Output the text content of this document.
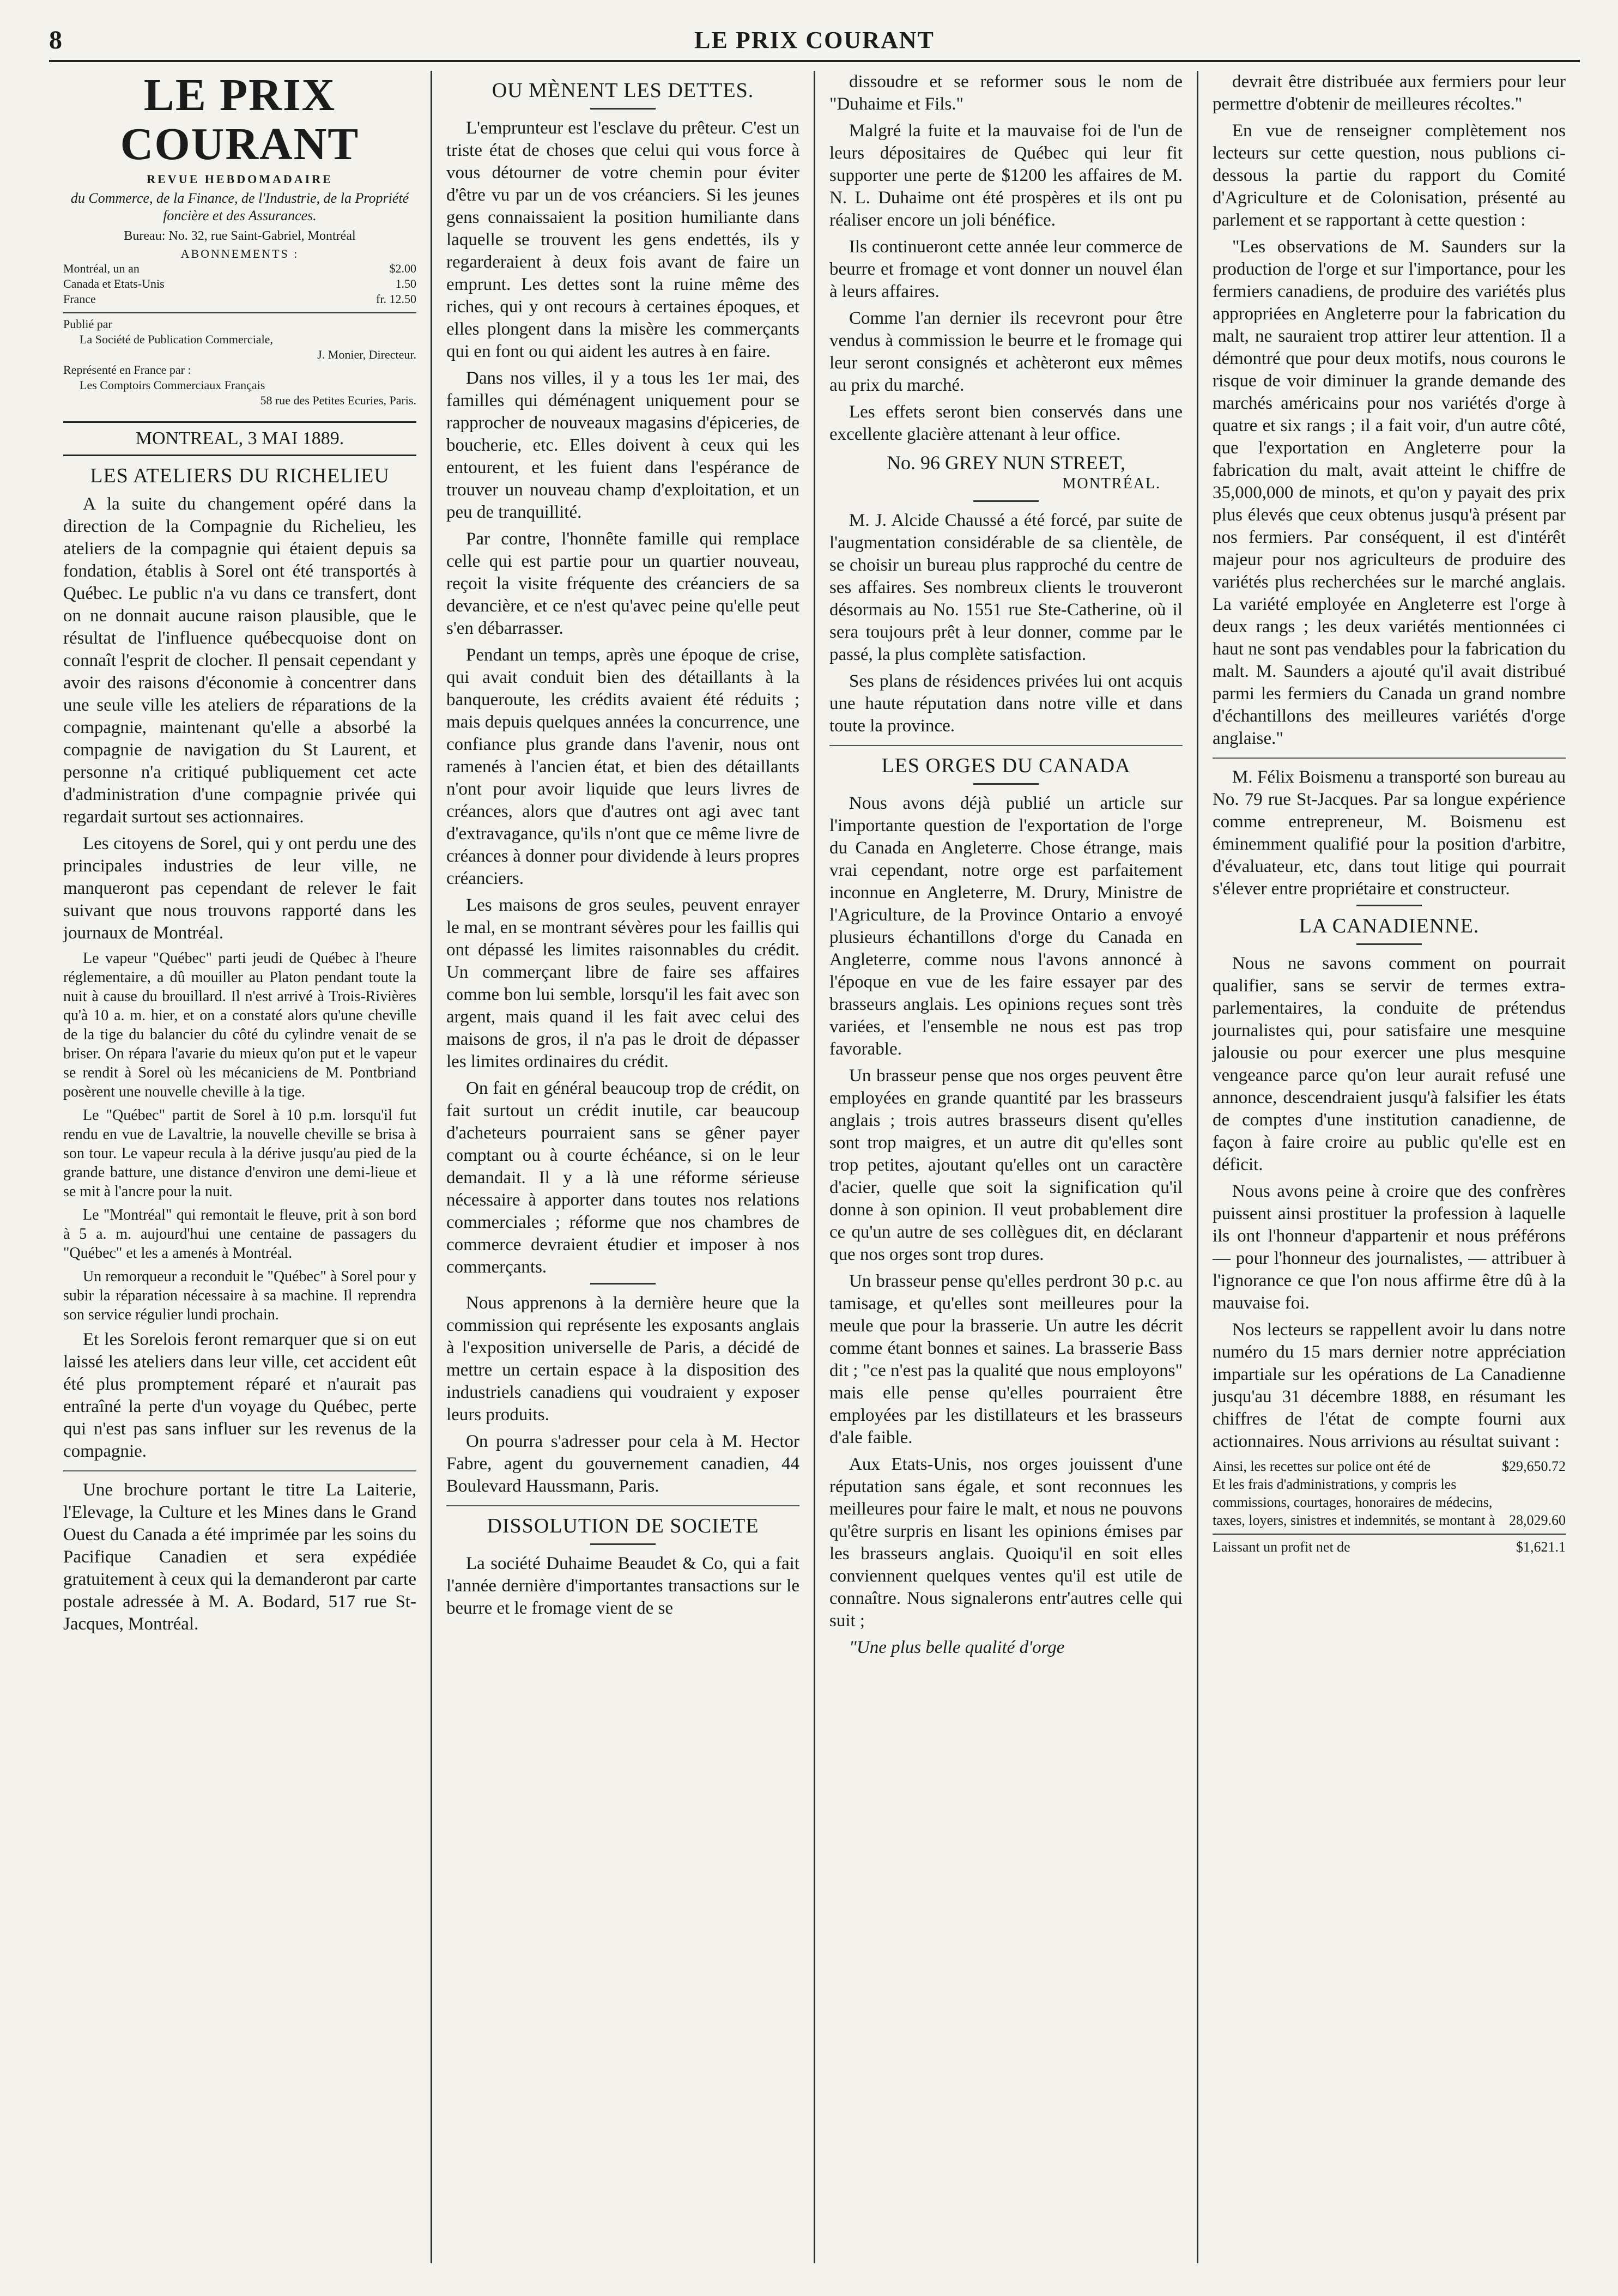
8	LE PRIX COURANT
LE PRIX COURANT
REVUE HEBDOMADAIRE
du Commerce, de la Finance, de l'Industrie, de la Propriété foncière et des Assurances.
Bureau: No. 32, rue Saint-Gabriel, Montréal
ABONNEMENTS :
Montréal, un an	$2.00
Canada et Etats-Unis	1.50
France	fr. 12.50
Publié par
La Société de Publication Commerciale,
J. Monier, Directeur.
Représenté en France par :
Les Comptoirs Commerciaux Français
58 rue des Petites Ecuries, Paris.
MONTREAL, 3 MAI 1889.
LES ATELIERS DU RICHELIEU

A la suite du changement opéré dans la direction de la Compagnie du Richelieu, les ateliers de la compagnie qui étaient depuis sa fondation, établis à Sorel ont été transportés à Québec. Le public n'a vu dans ce transfert, dont on ne donnait aucune raison plausible, que le résultat de l'influence québecquoise dont on connaît l'esprit de clocher. Il pensait cependant y avoir des raisons d'économie à concentrer dans une seule ville les ateliers de réparations de la compagnie, maintenant qu'elle a absorbé la compagnie de navigation du St Laurent, et personne n'a critiqué publiquement cet acte d'administration d'une compagnie privée qui regardait surtout ses actionnaires.

Les citoyens de Sorel, qui y ont perdu une des principales industries de leur ville, ne manqueront pas cependant de relever le fait suivant que nous trouvons rapporté dans les journaux de Montréal.

Le vapeur "Québec" parti jeudi de Québec à l'heure réglementaire, a dû mouiller au Platon pendant toute la nuit à cause du brouillard. Il n'est arrivé à Trois-Rivières qu'à 10 a. m. hier, et on a constaté alors qu'une cheville de la tige du balancier du côté du cylindre venait de se briser. On répara l'avarie du mieux qu'on put et le vapeur se rendit à Sorel où les mécaniciens de M. Pontbriand posèrent une nouvelle cheville à la tige.

Le "Québec" partit de Sorel à 10 p.m. lorsqu'il fut rendu en vue de Lavaltrie, la nouvelle cheville se brisa à son tour. Le vapeur recula à la dérive jusqu'au pied de la grande batture, une distance d'environ une demi-lieue et se mit à l'ancre pour la nuit.

Le "Montréal" qui remontait le fleuve, prit à son bord à 5 a. m. aujourd'hui une centaine de passagers du "Québec" et les a amenés à Montréal.

Un remorqueur a reconduit le "Québec" à Sorel pour y subir la réparation nécessaire à sa machine. Il reprendra son service régulier lundi prochain.

Et les Sorelois feront remarquer que si on eut laissé les ateliers dans leur ville, cet accident eût été plus promptement réparé et n'aurait pas entraîné la perte d'un voyage du Québec, perte qui n'est pas sans influer sur les revenus de la compagnie.

Une brochure portant le titre La Laiterie, l'Elevage, la Culture et les Mines dans le Grand Ouest du Canada a été imprimée par les soins du Pacifique Canadien et sera expédiée gratuitement à ceux qui la demanderont par carte postale adressée à M. A. Bodard, 517 rue St-Jacques, Montréal.

OU MÈNENT LES DETTES.

L'emprunteur est l'esclave du prêteur. C'est un triste état de choses que celui qui vous force à vous détourner de votre chemin pour éviter d'être vu par un de vos créanciers. Si les jeunes gens connaissaient la position humiliante dans laquelle se trouvent les gens endettés, ils y regarderaient à deux fois avant de faire un emprunt. Les dettes sont la ruine même des riches, qui y ont recours à certaines époques, et elles plongent dans la misère les commerçants qui en font ou qui aident les autres à en faire.

Dans nos villes, il y a tous les 1er mai, des familles qui déménagent uniquement pour se rapprocher de nouveaux magasins d'épiceries, de boucherie, etc. Elles doivent à ceux qui les entourent, et les fuient dans l'espérance de trouver un nouveau champ d'exploitation, et un peu de tranquillité.

Par contre, l'honnête famille qui remplace celle qui est partie pour un quartier nouveau, reçoit la visite fréquente des créanciers de sa devancière, et ce n'est qu'avec peine qu'elle peut s'en débarrasser.

Pendant un temps, après une époque de crise, qui avait conduit bien des détaillants à la banqueroute, les crédits avaient été réduits ; mais depuis quelques années la concurrence, une confiance plus grande dans l'avenir, nous ont ramenés à l'ancien état, et bien des détaillants n'ont pour avoir liquide que leurs livres de créances, alors que d'autres ont agi avec tant d'extravagance, qu'ils n'ont que ce même livre de créances à donner pour dividende à leurs propres créanciers.

Les maisons de gros seules, peuvent enrayer le mal, en se montrant sévères pour les faillis qui ont dépassé les limites raisonnables du crédit. Un commerçant libre de faire ses affaires comme bon lui semble, lorsqu'il les fait avec son argent, mais quand il les fait avec celui des maisons de gros, il n'a pas le droit de dépasser les limites ordinaires du crédit.

On fait en général beaucoup trop de crédit, on fait surtout un crédit inutile, car beaucoup d'acheteurs pourraient sans se gêner payer comptant ou à courte échéance, si on le leur demandait. Il y a là une réforme sérieuse nécessaire à apporter dans toutes nos relations commerciales ; réforme que nos chambres de commerce devraient étudier et imposer à nos commerçants.

Nous apprenons à la dernière heure que la commission qui représente les exposants anglais à l'exposition universelle de Paris, a décidé de mettre un certain espace à la disposition des industriels canadiens qui voudraient y exposer leurs produits.

On pourra s'adresser pour cela à M. Hector Fabre, agent du gouvernement canadien, 44 Boulevard Haussmann, Paris.

DISSOLUTION DE SOCIETE

La société Duhaime Beaudet & Co, qui a fait l'année dernière d'importantes transactions sur le beurre et le fromage vient de se

dissoudre et se reformer sous le nom de "Duhaime et Fils."

Malgré la fuite et la mauvaise foi de l'un de leurs dépositaires de Québec qui leur fit supporter une perte de $1200 les affaires de M. N. L. Duhaime ont été prospères et ils ont pu réaliser encore un joli bénéfice.

Ils continueront cette année leur commerce de beurre et fromage et vont donner un nouvel élan à leurs affaires.

Comme l'an dernier ils recevront pour être vendus à commission le beurre et le fromage qui leur seront consignés et achèteront eux mêmes au prix du marché.

Les effets seront bien conservés dans une excellente glacière attenant à leur office.

No. 96 GREY NUN STREET,
MONTRÉAL.

M. J. Alcide Chaussé a été forcé, par suite de l'augmentation considérable de sa clientèle, de se choisir un bureau plus rapproché du centre de ses affaires. Ses nombreux clients le trouveront désormais au No. 1551 rue Ste-Catherine, où il sera toujours prêt à leur donner, comme par le passé, la plus complète satisfaction.

Ses plans de résidences privées lui ont acquis une haute réputation dans notre ville et dans toute la province.

LES ORGES DU CANADA

Nous avons déjà publié un article sur l'importante question de l'exportation de l'orge du Canada en Angleterre. Chose étrange, mais vrai cependant, notre orge est parfaitement inconnue en Angleterre, M. Drury, Ministre de l'Agriculture, de la Province Ontario a envoyé plusieurs échantillons d'orge du Canada en Angleterre, comme nous l'avons annoncé à l'époque en vue de les faire essayer par des brasseurs anglais. Les opinions reçues sont très variées, et l'ensemble ne nous est pas trop favorable.

Un brasseur pense que nos orges peuvent être employées en grande quantité par les brasseurs anglais ; trois autres brasseurs disent qu'elles sont trop maigres, et un autre dit qu'elles sont trop petites, ajoutant qu'elles ont un caractère d'acier, quelle que soit la signification qu'il donne à son opinion. Il veut probablement dire ce qu'un autre de ses collègues dit, en déclarant que nos orges sont trop dures.

Un brasseur pense qu'elles perdront 30 p.c. au tamisage, et qu'elles sont meilleures pour la meule que pour la brasserie. Un autre les décrit comme étant bonnes et saines. La brasserie Bass dit ; "ce n'est pas la qualité que nous employons" mais elle pense qu'elles pourraient être employées par les distillateurs et les brasseurs d'ale faible.

Aux Etats-Unis, nos orges jouissent d'une réputation sans égale, et sont reconnues les meilleures pour faire le malt, et nous ne pouvons qu'être surpris en lisant les opinions émises par les brasseurs anglais. Quoiqu'il en soit elles conviennent quelques ventes qu'il est utile de connaître. Nous signalerons entr'autres celle qui suit ;

"Une plus belle qualité d'orge

devrait être distribuée aux fermiers pour leur permettre d'obtenir de meilleures récoltes."

En vue de renseigner complètement nos lecteurs sur cette question, nous publions ci-dessous la partie du rapport du Comité d'Agriculture et de Colonisation, présenté au parlement et se rapportant à cette question :

"Les observations de M. Saunders sur la production de l'orge et sur l'importance, pour les fermiers canadiens, de produire des variétés plus appropriées en Angleterre pour la fabrication du malt, ne sauraient trop attirer leur attention. Il a démontré que pour deux motifs, nous courons le risque de voir diminuer la grande demande des marchés américains pour nos variétés d'orge à quatre et six rangs ; il a fait voir, d'un autre côté, que l'exportation en Angleterre pour la fabrication du malt, avait atteint le chiffre de 35,000,000 de minots, et qu'on y payait des prix plus élevés que ceux obtenus jusqu'à présent par nos fermiers. Par conséquent, il est d'intérêt majeur pour nos agriculteurs de produire des variétés plus recherchées sur le marché anglais. La variété employée en Angleterre est l'orge à deux rangs ; les deux variétés mentionnées ci haut ne sont pas vendables pour la fabrication du malt. M. Saunders a ajouté qu'il avait distribué parmi les fermiers du Canada un grand nombre d'échantillons des meilleures variétés d'orge anglaise."

M. Félix Boismenu a transporté son bureau au No. 79 rue St-Jacques. Par sa longue expérience comme entrepreneur, M. Boismenu est éminemment qualifié pour la position d'arbitre, d'évaluateur, etc, dans tout litige qui pourrait s'élever entre propriétaire et constructeur.

LA CANADIENNE.

Nous ne savons comment on pourrait qualifier, sans se servir de termes extra-parlementaires, la conduite de prétendus journalistes qui, pour satisfaire une mesquine jalousie ou pour exercer une plus mesquine vengeance parce qu'on leur aurait refusé une annonce, descendraient jusqu'à falsifier les états de comptes d'une institution canadienne, de façon à faire croire au public qu'elle est en déficit.

Nous avons peine à croire que des confrères puissent ainsi prostituer la profession à laquelle ils ont l'honneur d'appartenir et nous préférons — pour l'honneur des journalistes, — attribuer à l'ignorance ce que l'on nous affirme être dû à la mauvaise foi.

Nos lecteurs se rappellent avoir lu dans notre numéro du 15 mars dernier notre appréciation impartiale sur les opérations de La Canadienne jusqu'au 31 décembre 1888, en résumant les chiffres de l'état de compte fourni aux actionnaires. Nous arrivions au résultat suivant :

Ainsi, les recettes sur police ont été de	$29,650.72
Et les frais d'administrations, y compris les commissions, courtages, honoraires de médecins, taxes, loyers, sinistres et indemnités, se montant à 28,029.60
Laissant un profit net de	$1,621.1
